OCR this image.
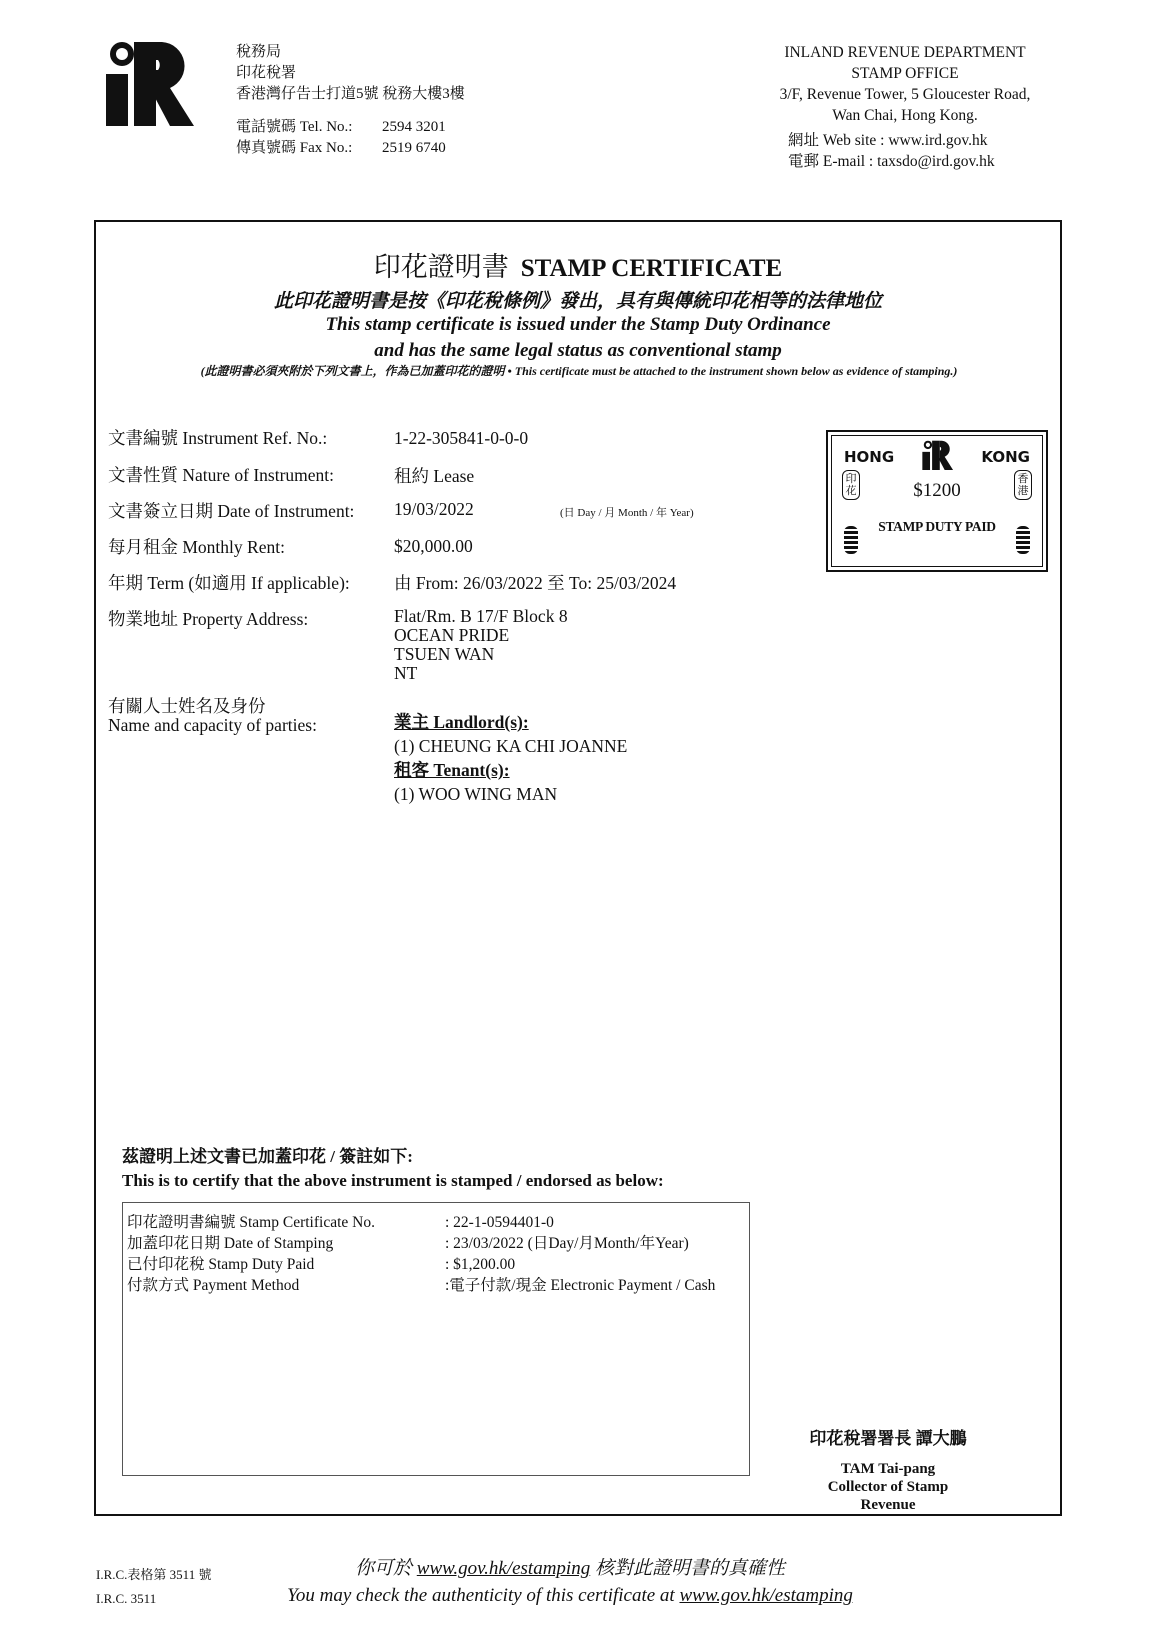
稅務局
印花稅署
香港灣仔告士打道5號 稅務大樓3樓
電話號碼 Tel. No.:	2594 3201
傳真號碼 Fax No.:	2519 6740
INLAND REVENUE DEPARTMENT
STAMP OFFICE
3/F, Revenue Tower, 5 Gloucester Road,
Wan Chai, Hong Kong.
網址 Web site : www.ird.gov.hk
電郵 E-mail : taxsdo@ird.gov.hk
印花證明書 STAMP CERTIFICATE
此印花證明書是按《印花稅條例》發出，具有與傳統印花相等的法律地位
This stamp certificate is issued under the Stamp Duty Ordinance
and has the same legal status as conventional stamp
(此證明書必須夾附於下列文書上，作為已加蓋印花的證明 • This certificate must be attached to the instrument shown below as evidence of stamping.)
文書編號 Instrument Ref. No.:	1-22-305841-0-0-0
文書性質 Nature of Instrument:	租約 Lease
文書簽立日期 Date of Instrument: 19/03/2022	(日 Day / 月 Month / 年 Year)
每月租金 Monthly Rent:	$20,000.00
年期 Term (如適用 If applicable):	由 From: 26/03/2022 至 To: 25/03/2024
物業地址 Property Address:	Flat/Rm. B 17/F Block 8
OCEAN PRIDE
TSUEN WAN
NT
有關人士姓名及身份
Name and capacity of parties:	業主 Landlord(s):
(1) CHEUNG KA CHI JOANNE
租客 Tenant(s):
(1) WOO WING MAN
HONG	KONG
印花
香港
$1200
STAMP DUTY PAID
茲證明上述文書已加蓋印花 / 簽註如下:
This is to certify that the above instrument is stamped / endorsed as below:
印花證明書編號 Stamp Certificate No.	: 22-1-0594401-0
加蓋印花日期 Date of Stamping	: 23/03/2022 (日Day/月Month/年Year)
已付印花稅 Stamp Duty Paid	: $1,200.00
付款方式 Payment Method	:電子付款/現金 Electronic Payment / Cash
印花稅署署長 譚大鵬
TAM Tai-pang
Collector of Stamp Revenue
I.R.C.表格第 3511 號
I.R.C. 3511
你可於 www.gov.hk/estamping 核對此證明書的真確性
You may check the authenticity of this certificate at www.gov.hk/estamping
